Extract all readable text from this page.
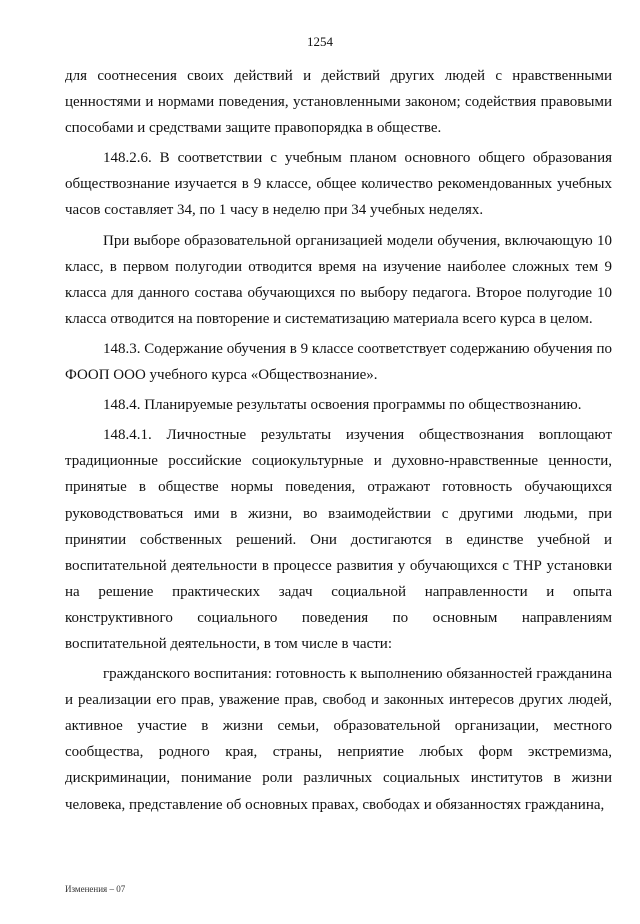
1254

для соотнесения своих действий и действий других людей с нравственными ценностями и нормами поведения, установленными законом; содействия правовыми способами и средствами защите правопорядка в обществе.

148.2.6. В соответствии с учебным планом основного общего образования обществознание изучается в 9 классе, общее количество рекомендованных учебных часов составляет 34, по 1 часу в неделю при 34 учебных неделях.

При выборе образовательной организацией модели обучения, включающую 10 класс, в первом полугодии отводится время на изучение наиболее сложных тем 9 класса для данного состава обучающихся по выбору педагога. Второе полугодие 10 класса отводится на повторение и систематизацию материала всего курса в целом.

148.3. Содержание обучения в 9 классе соответствует содержанию обучения по ФООП ООО учебного курса «Обществознание».

148.4. Планируемые результаты освоения программы по обществознанию.

148.4.1. Личностные результаты изучения обществознания воплощают традиционные российские социокультурные и духовно-нравственные ценности, принятые в обществе нормы поведения, отражают готовность обучающихся руководствоваться ими в жизни, во взаимодействии с другими людьми, при принятии собственных решений. Они достигаются в единстве учебной и воспитательной деятельности в процессе развития у обучающихся с ТНР установки на решение практических задач социальной направленности и опыта конструктивного социального поведения по основным направлениям воспитательной деятельности, в том числе в части:

гражданского воспитания: готовность к выполнению обязанностей гражданина и реализации его прав, уважение прав, свобод и законных интересов других людей, активное участие в жизни семьи, образовательной организации, местного сообщества, родного края, страны, неприятие любых форм экстремизма, дискриминации, понимание роли различных социальных институтов в жизни человека, представление об основных правах, свободах и обязанностях гражданина,

Изменения – 07
